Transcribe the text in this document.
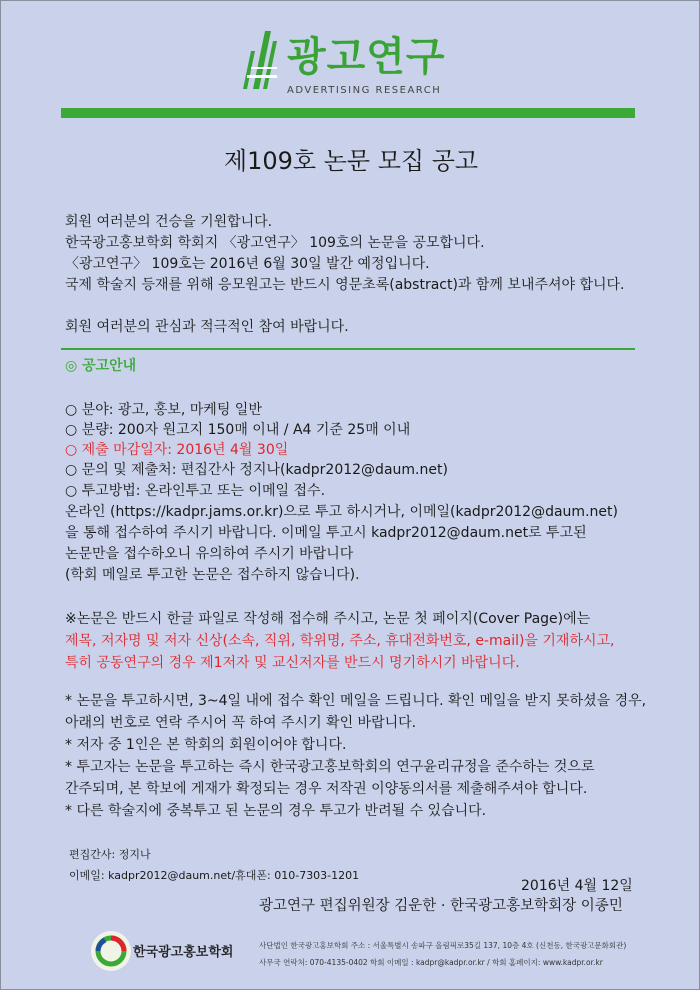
광고연구
ADVERTISING RESEARCH
제109호 논문 모집 공고
회원 여러분의 건승을 기원합니다.
한국광고홍보학회 학회지 〈광고연구〉 109호의 논문을 공모합니다.
〈광고연구〉 109호는 2016년 6월 30일 발간 예정입니다.
국제 학술지 등재를 위해 응모원고는 반드시 영문초록(abstract)과 함께 보내주셔야 합니다.
회원 여러분의 관심과 적극적인 참여 바랍니다.
◎ 공고안내
○ 분야: 광고, 홍보, 마케팅 일반
○ 분량: 200자 원고지 150매 이내 / A4 기준 25매 이내
○ 제출 마감일자: 2016년 4월 30일
○ 문의 및 제출처: 편집간사 정지나(kadpr2012@daum.net)
○ 투고방법: 온라인투고 또는 이메일 접수.
온라인 (https://kadpr.jams.or.kr)으로 투고 하시거나, 이메일(kadpr2012@daum.net)
을 통해 접수하여 주시기 바랍니다. 이메일 투고시 kadpr2012@daum.net로 투고된
논문만을 접수하오니 유의하여 주시기 바랍니다
(학회 메일로 투고한 논문은 접수하지 않습니다).
※논문은 반드시 한글 파일로 작성해 접수해 주시고, 논문 첫 페이지(Cover Page)에는
제목, 저자명 및 저자 신상(소속, 직위, 학위명, 주소, 휴대전화번호, e-mail)을 기재하시고,
특히 공동연구의 경우 제1저자 및 교신저자를 반드시 명기하시기 바랍니다.
* 논문을 투고하시면, 3~4일 내에 접수 확인 메일을 드립니다. 확인 메일을 받지 못하셨을 경우,
아래의 번호로 연락 주시어 꼭 하여 주시기 확인 바랍니다.
* 저자 중 1인은 본 학회의 회원이어야 합니다.
* 투고자는 논문을 투고하는 즉시 한국광고홍보학회의 연구윤리규정을 준수하는 것으로
간주되며, 본 학보에 게재가 확정되는 경우 저작권 이양동의서를 제출해주셔야 합니다.
* 다른 학술지에 중복투고 된 논문의 경우 투고가 반려될 수 있습니다.
편집간사: 정지나
이메일: kadpr2012@daum.net/휴대폰: 010-7303-1201
2016년 4월 12일
광고연구 편집위원장 김운한 · 한국광고홍보학회장 이종민
한국광고홍보학회	사단법인 한국광고홍보학회 주소 : 서울특별시 송파구 올림픽로35길 137, 10층 4호 (신천동, 한국광고문화회관)
사무국 연락처: 070-4135-0402 학회 이메일 : kadpr@kadpr.or.kr / 학회 홈페이지: www.kadpr.or.kr
